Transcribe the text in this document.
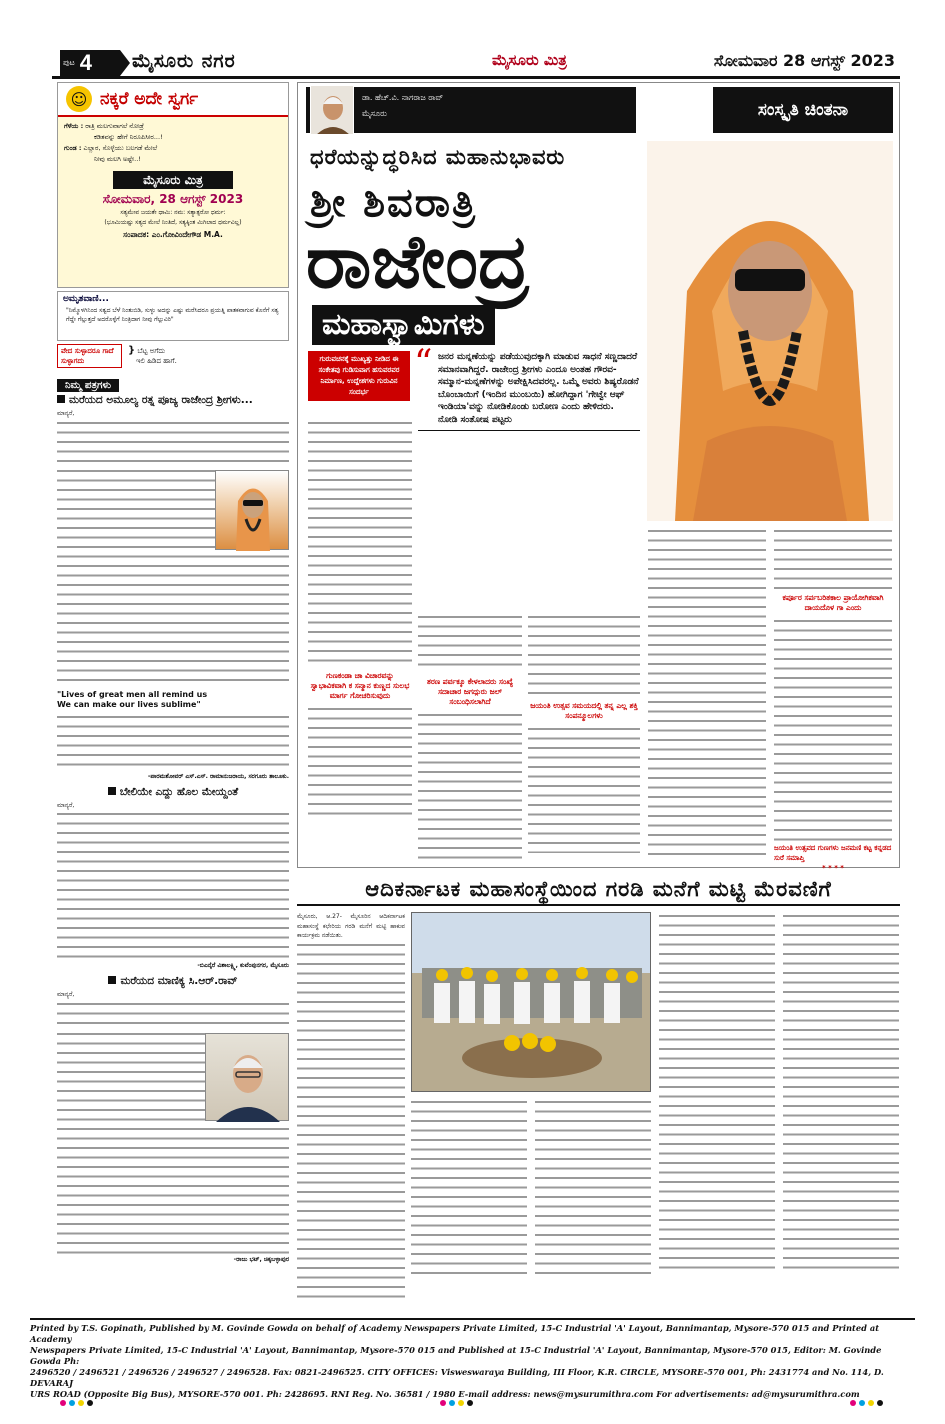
ಪುಟ 4 ಮೈಸೂರು ನಗರ	ಮೈಸೂರು ಮಿತ್ರ	ಸೋಮವಾರ 28 ಆಗಸ್ಟ್ 2023
☺ ನಕ್ಕರೆ ಅದೇ ಸ್ವರ್ಗ
ಗೆಳೆಯ : ರಾತ್ರಿ ಮಲಗುವಾಗಲೆ ನೋಡ್ರೆ
ಕಡಿತವನ್ನು ಹೇಗೆ ನಿರೂಪಿಸೀರ...!
ಗುಂಡ : ಎಲ್ಲಾರ, ಸೊಳ್ಳೆಯು ಬಲಗಡೆ ಮೇಲೆ
ನೀವು ಮಲಗಿ ಅಷ್ಟೇ..!
ಮೈಸೂರು ಮಿತ್ರ
ಸೋಮವಾರ, 28 ಆಗಸ್ಟ್ 2023
ಸತ್ಯಮೇವ ಜಯತೇ ಧಾಮಿ: ನಮ: ಸತ್ಯಾತ್ಪರೋ ಧರ್ಮ:
(ಭೂಮಿಯಷ್ಟು ಸತ್ಯದ ಮೇಲೆ ನಿಂತಿದೆ, ಸತ್ಯಕ್ಕಿಂತ ಮಿಗಿಲಾದ ಧರ್ಮವಿಲ್ಲ)
ಸಂಪಾದಕ: ಎಂ.ಗೋವಿಂದೇಗೌಡ M.A.
ಅಮೃತವಾಣಿ...
"ನಿಮ್ಮೊಳಗಿನಿಂದ ಸತ್ವದ ಬೆಳೆ ನಿಂತುಬಿಡಿ, ಸುಳ್ಳು ಅದನ್ನು ಎಷ್ಟು ಮರೆಸಿದರೂ ಪ್ರಯತ್ನಿ ಪಾತಕವಾಗುವ ಕೊನೆಗೆ ಸತ್ಯ ಗೆದ್ದೇ ಗೆಲ್ಲುತ್ತದೆ ಅದರೊಳ್ಳೆಗೆ ನಿಂತ್ರಿದಾಗ ನೀವು ಗೆಲ್ಲುವಿರಿ"
ವೇದ ಸುಳ್ಳಾದರೂ ಗಾದೆ ಸುಳ್ಳಾಗದು
} ಬೆಟ್ಟ ಅಗೆದು
ಇಲಿ ಹಿಡಿದ ಹಾಗೆ.
ನಿಮ್ಮ ಪತ್ರಗಳು
ಮರೆಯದ ಅಮೂಲ್ಯ ರತ್ನ ಪೂಜ್ಯ ರಾಜೇಂದ್ರ ಶ್ರೀಗಳು...
ಮಾನ್ಯರೆ,
"Lives of great men all remind us
We can make our lives sublime"
-ಪಾರಮಶೋವರ್ ಎಸ್.ಎಸ್. ರಾಮಾನುಜರಾಯ, ಸರಗೂರು ತಾಲೂಕು.
ಬೇಲಿಯೇ ಎದ್ದು ಹೊಲ ಮೇಯ್ದಂತೆ
ಮಾನ್ಯರೆ,
-ಬಿಎನ್ಕೆರೆ ವಿಶಾಲಕ್ಷ್ಮಿ, ಕುವೆಂಪುನಗರ, ಮೈಸೂರು
ಮರೆಯದ ಮಾಣಿಕ್ಯ ಸಿ.ಆರ್.ರಾವ್
ಮಾನ್ಯರೆ,
-ರಾಜು ಭಟ್, ಚಿಕ್ಕಬಳ್ಳಾಪುರ
ಡಾ. ಹೆಚ್.ವಿ. ನಾಗರಾಜ ರಾವ್
ಮೈಸೂರು	ಸಂಸ್ಕೃತಿ ಚಿಂತನಾ
ಧರೆಯನ್ನುದ್ಧರಿಸಿದ ಮಹಾನುಭಾವರು
ಶ್ರೀ ಶಿವರಾತ್ರಿ
ರಾಜೇಂದ್ರ
ಮಹಾಸ್ವಾಮಿಗಳು
ಗುರುವಚನಕ್ಕೆ ಮುಖ್ಯತ್ತು ನೀಡಿದ ಈ ಸಂಕೇತವು ಗುಡಿಸುವಾಗ ಹಸುವರವರ ನಿರ್ಮಾಣ, ಉದ್ದೇಶಗಳು ಗುರುವಿನ ಸಂದರ್ಭ
“ ಜನರ ಮನ್ನಣೆಯನ್ನು ಪಡೆಯುವುದಕ್ಕಾಗಿ ಮಾಡುವ ಸಾಧನೆ ಸಣ್ಣದಾದರೆ ಸಮಾನವಾಗಿದ್ದರೆ. ರಾಜೇಂದ್ರ ಶ್ರೀಗಳು ಎಂದೂ ಅಂತಹ ಗೌರವ-ಸಮ್ಮಾನ-ಮನ್ನಣೆಗಳನ್ನು ಅಪೇಕ್ಷಿಸಿದವರಲ್ಲ. ಒಮ್ಮೆ ಅವರು ಶಿಷ್ಯರೊಡನೆ ಬೊಂಬಾಯಿಗೆ (ಇಂದಿನ ಮುಂಬಯಿ) ಹೋಗಿದ್ದಾಗ 'ಗೇಟ್ವೇ ಆಫ್ ಇಂಡಿಯಾ'ವನ್ನು ನೋಡಿಕೊಂಡು ಬರೋಣ ಎಂದು ಹೇಳಿದರು.
ನೋಡಿ ಸಂತೋಷ ಪಟ್ಟರು
ಗುಣಕಂಡಾ ಚಾ ವಿಚಾರವನ್ನು ಸ್ವಾಭಾವಿಕವಾಗಿ ಕ ಸನ್ಮಾನ ಕುಣ್ಣದ ಸುಲಭ ಮಾರ್ಗ ಗೋಚರಿಸುವುದು
ತರಣ ಪರ್ವಕ್ಕೂ ಕೇಳಲಾದರು ಸಂಖ್ಯೆ ಸದಾಚಾರ ಜಗದ್ಗುರು ಜಲ್ ಸಂಬಂಧಿಸಲಾಗಿದೆ	ಜಯಂತಿ ಉತ್ಸವ ಸಮಯದಲ್ಲಿ ತನ್ನ ಎಲ್ಲ ಶಕ್ತಿ ಸಂಪನ್ಮೂಲಗಳು
ಕರ್ಪೂರ ಸರ್ಪಬರಿತಕಾಲ ಪ್ರಾಯೋಗಿಕವಾಗಿ ದಾಯದೊಳ ಗಾ ಎಂದು
ಜಯಂತಿ ಉತ್ಸವದ ಗುಣಗಳು ಜನಮಣಿ ಕಟ್ಟ ಕನ್ನಡದ ಸುರೆ ಸಮಾಪ್ತಿ
* * * *
ಆದಿಕರ್ನಾಟಕ ಮಹಾಸಂಸ್ಥೆಯಿಂದ ಗರಡಿ ಮನೆಗೆ ಮಟ್ಟಿ ಮೆರವಣಿಗೆ
ಮೈಸೂರು, ಆ.27- ಮೈಸೂರಿನ ಆದಿಕರ್ನಾಟಕ ಮಹಾಸಂಸ್ಥೆ ಕಛೇರಿಯ ಗರಡಿ ಮನೆಗೆ ಮಟ್ಟಿ ಹಾಕುವ ಕಾರ್ಯಕ್ರಮ ನಡೆಯಿತು.
Printed by T.S. Gopinath, Published by M. Govinde Gowda on behalf of Academy Newspapers Private Limited, 15-C Industrial 'A' Layout, Bannimantap, Mysore-570 015 and Printed at Academy
Newspapers Private Limited, 15-C Industrial 'A' Layout, Bannimantap, Mysore-570 015 and Published at 15-C Industrial 'A' Layout, Bannimantap, Mysore-570 015, Editor: M. Govinde Gowda Ph:
2496520 / 2496521 / 2496526 / 2496527 / 2496528. Fax: 0821-2496525. CITY OFFICES: Visweswaraya Building, III Floor, K.R. CIRCLE, MYSORE-570 001, Ph: 2431774 and No. 114, D. DEVARAJ
URS ROAD (Opposite Big Bus), MYSORE-570 001. Ph: 2428695. RNI Reg. No. 36581 / 1980 E-mail address: news@mysurumithra.com For advertisements: ad@mysurumithra.com
